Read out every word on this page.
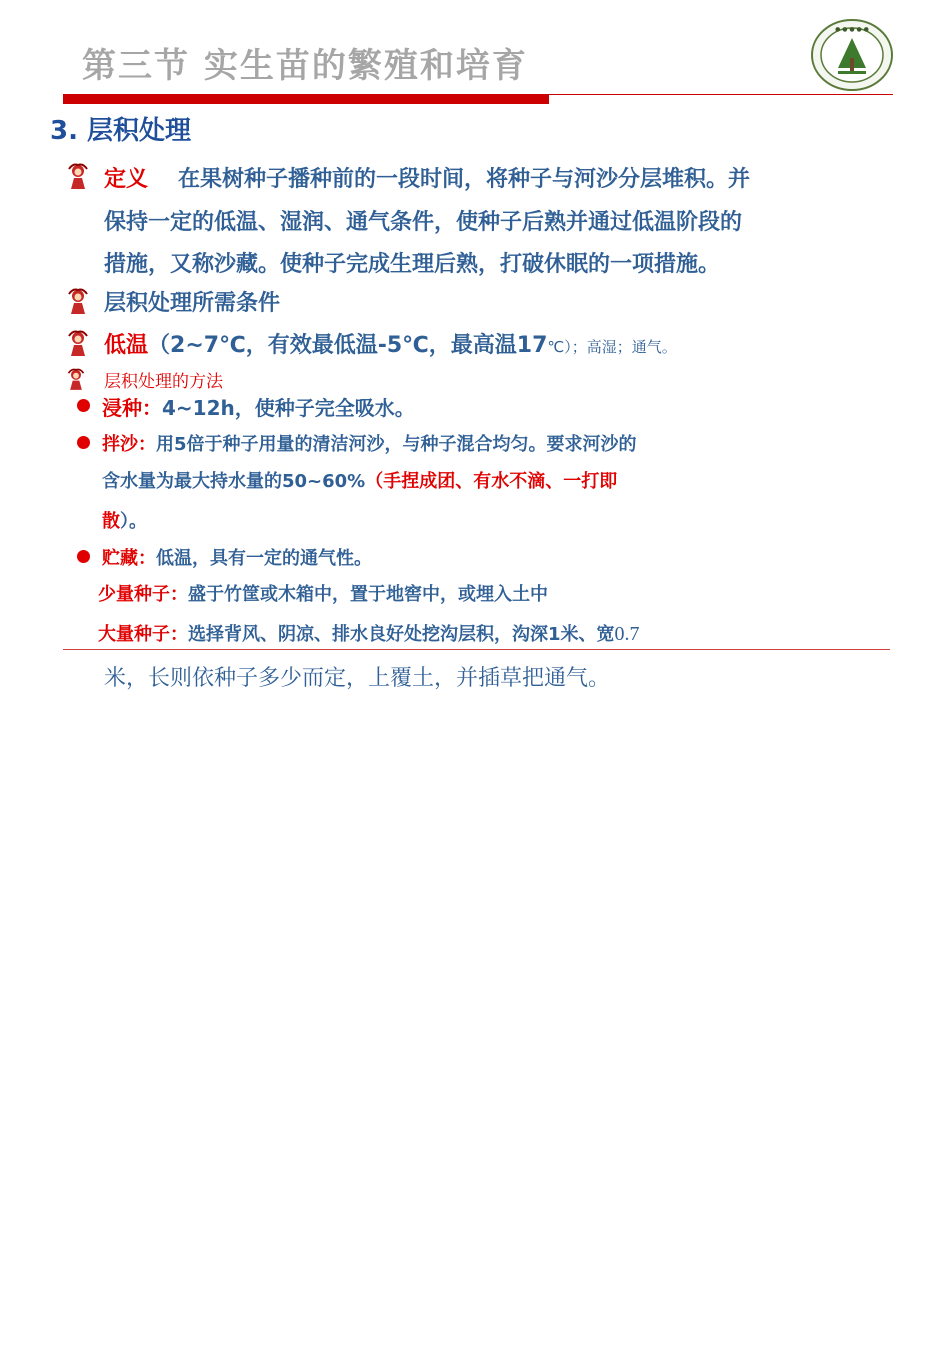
第三节 实生苗的繁殖和培育
● ● ● ● ●
3. 层积处理
定义 在果树种子播种前的一段时间，将种子与河沙分层堆积。并
保持一定的低温、湿润、通气条件，使种子后熟并通过低温阶段的
措施，又称沙藏。使种子完成生理后熟，打破休眠的一项措施。
层积处理所需条件
低温（2~7℃，有效最低温-5℃，最高温17℃）；高湿；通气。
层积处理的方法
浸种：4~12h，使种子完全吸水。
拌沙：用5倍于种子用量的清洁河沙，与种子混合均匀。要求河沙的
含水量为最大持水量的50~60%（手捏成团、有水不滴、一打即
散）。
贮藏：低温，具有一定的通气性。
少量种子：盛于竹筐或木箱中，置于地窖中，或埋入土中
大量种子：选择背风、阴凉、排水良好处挖沟层积，沟深1米、宽0.7
米，长则依种子多少而定，上覆土，并插草把通气。
